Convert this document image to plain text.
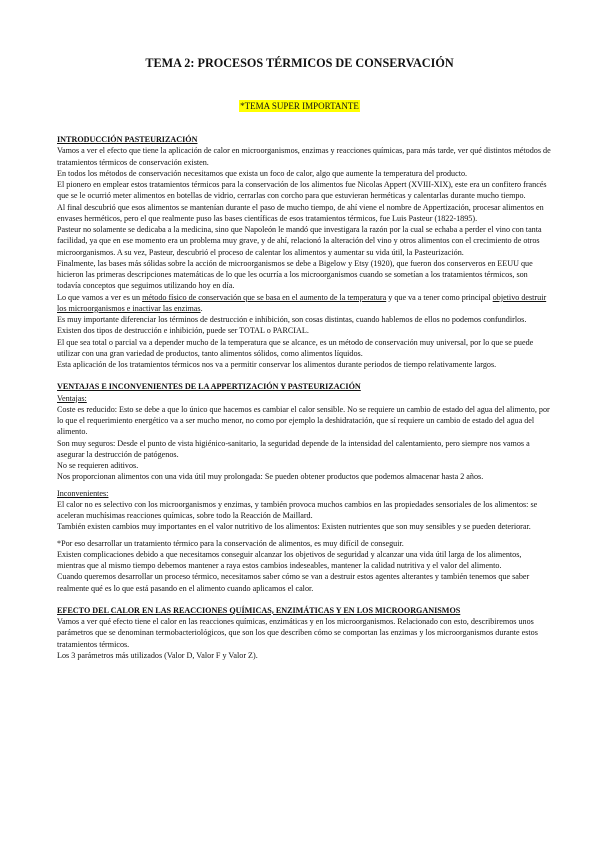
TEMA 2: PROCESOS TÉRMICOS DE CONSERVACIÓN
*TEMA SUPER IMPORTANTE

INTRODUCCIÓN PASTEURIZACIÓN

Vamos a ver el efecto que tiene la aplicación de calor en microorganismos, enzimas y reacciones químicas, para más tarde, ver qué distintos métodos de tratamientos térmicos de conservación existen.

En todos los métodos de conservación necesitamos que exista un foco de calor, algo que aumente la temperatura del producto.

El pionero en emplear estos tratamientos térmicos para la conservación de los alimentos fue Nicolas Appert (XVIII-XIX), este era un confitero francés que se le ocurrió meter alimentos en botellas de vidrio, cerrarlas con corcho para que estuvieran herméticas y calentarlas durante mucho tiempo.

Al final descubrió que esos alimentos se mantenían durante el paso de mucho tiempo, de ahí viene el nombre de Appertización, procesar alimentos en envases herméticos, pero el que realmente puso las bases científicas de esos tratamientos térmicos, fue Luis Pasteur (1822-1895).

Pasteur no solamente se dedicaba a la medicina, sino que Napoleón le mandó que investigara la razón por la cual se echaba a perder el vino con tanta facilidad, ya que en ese momento era un problema muy grave, y de ahí, relacionó la alteración del vino y otros alimentos con el crecimiento de otros microorganismos. A su vez, Pasteur, descubrió el proceso de calentar los alimentos y aumentar su vida útil, la Pasteurización.

Finalmente, las bases más sólidas sobre la acción de microorganismos se debe a Bigelow y Etsy (1920), que fueron dos conserveros en EEUU que hicieron las primeras descripciones matemáticas de lo que les ocurría a los microorganismos cuando se sometían a los tratamientos térmicos, son todavía conceptos que seguimos utilizando hoy en día.

Lo que vamos a ver es un método físico de conservación que se basa en el aumento de la temperatura y que va a tener como principal objetivo destruir los microorganismos e inactivar las enzimas.

Es muy importante diferenciar los términos de destrucción e inhibición, son cosas distintas, cuando hablemos de ellos no podemos confundirlos.

Existen dos tipos de destrucción e inhibición, puede ser TOTAL o PARCIAL.

El que sea total o parcial va a depender mucho de la temperatura que se alcance, es un método de conservación muy universal, por lo que se puede utilizar con una gran variedad de productos, tanto alimentos sólidos, como alimentos líquidos.

Esta aplicación de los tratamientos térmicos nos va a permitir conservar los alimentos durante periodos de tiempo relativamente largos.

VENTAJAS E INCONVENIENTES DE LA APPERTIZACIÓN Y PASTEURIZACIÓN

Ventajas:

Coste es reducido: Esto se debe a que lo único que hacemos es cambiar el calor sensible. No se requiere un cambio de estado del agua del alimento, por lo que el requerimiento energético va a ser mucho menor, no como por ejemplo la deshidratación, que sí requiere un cambio de estado del agua del alimento.

Son muy seguros: Desde el punto de vista higiénico-sanitario, la seguridad depende de la intensidad del calentamiento, pero siempre nos vamos a asegurar la destrucción de patógenos.

No se requieren aditivos.

Nos proporcionan alimentos con una vida útil muy prolongada: Se pueden obtener productos que podemos almacenar hasta 2 años.

Inconvenientes:

El calor no es selectivo con los microorganismos y enzimas, y también provoca muchos cambios en las propiedades sensoriales de los alimentos: se aceleran muchísimas reacciones químicas, sobre todo la Reacción de Maillard.

También existen cambios muy importantes en el valor nutritivo de los alimentos: Existen nutrientes que son muy sensibles y se pueden deteriorar.

*Por eso desarrollar un tratamiento térmico para la conservación de alimentos, es muy difícil de conseguir.

Existen complicaciones debido a que necesitamos conseguir alcanzar los objetivos de seguridad y alcanzar una vida útil larga de los alimentos, mientras que al mismo tiempo debemos mantener a raya estos cambios indeseables, mantener la calidad nutritiva y el valor del alimento.

Cuando queremos desarrollar un proceso térmico, necesitamos saber cómo se van a destruir estos agentes alterantes y también tenemos que saber realmente qué es lo que está pasando en el alimento cuando aplicamos el calor.

EFECTO DEL CALOR EN LAS REACCIONES QUÍMICAS, ENZIMÁTICAS Y EN LOS MICROORGANISMOS

Vamos a ver qué efecto tiene el calor en las reacciones químicas, enzimáticas y en los microorganismos. Relacionado con esto, describiremos unos parámetros que se denominan termobacteriológicos, que son los que describen cómo se comportan las enzimas y los microorganismos durante estos tratamientos térmicos.

Los 3 parámetros más utilizados (Valor D, Valor F y Valor Z).
